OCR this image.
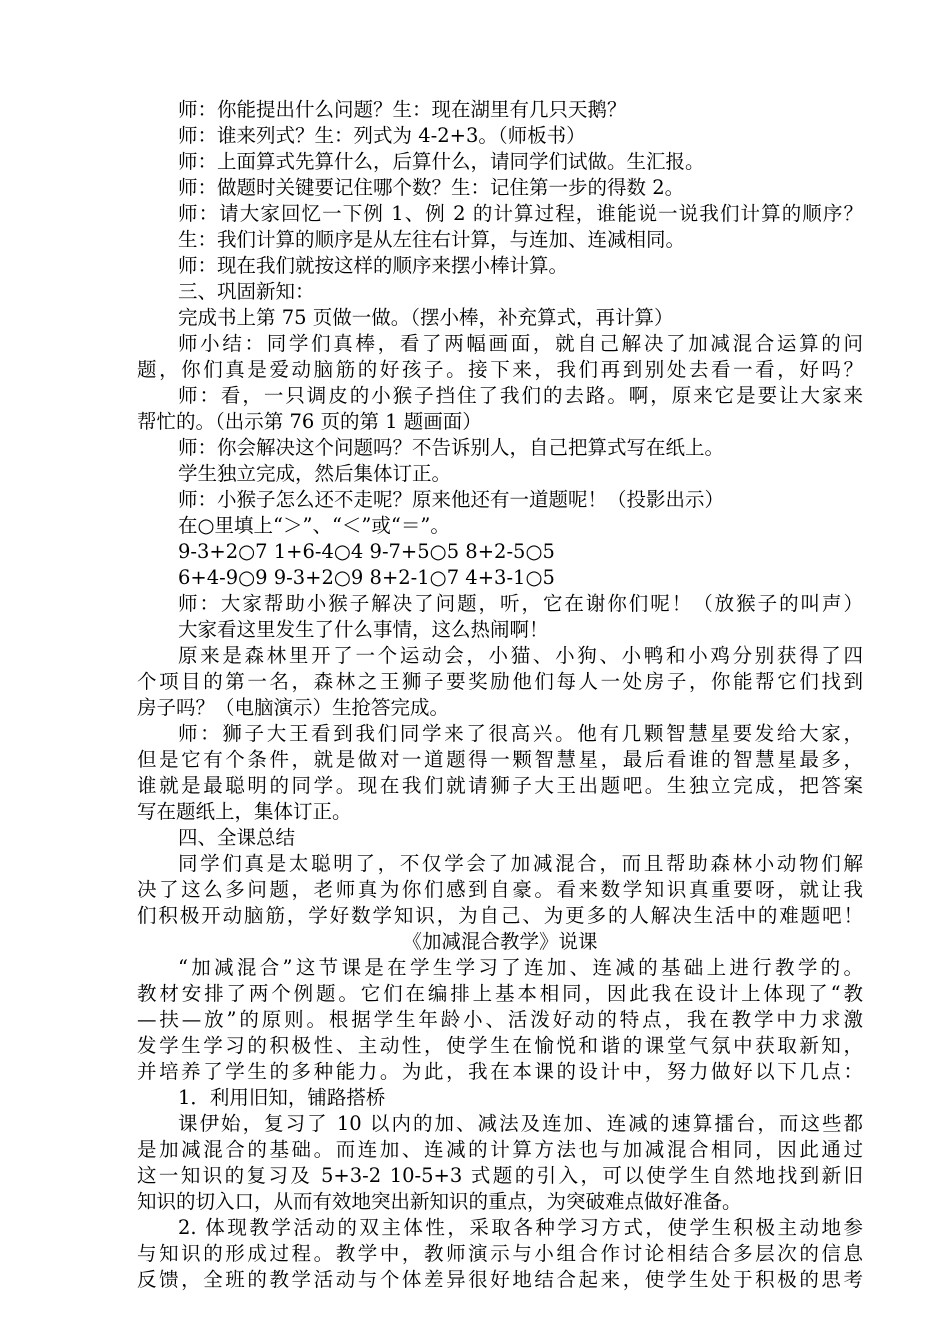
师：你能提出什么问题？生：现在湖里有几只天鹅？
师：谁来列式？生：列式为 4-2+3。（师板书）
师：上面算式先算什么，后算什么，请同学们试做。生汇报。
师：做题时关键要记住哪个数？生：记住第一步的得数 2。
师：请大家回忆一下例 1、例 2 的计算过程，谁能说一说我们计算的顺序？
生：我们计算的顺序是从左往右计算，与连加、连减相同。
师：现在我们就按这样的顺序来摆小棒计算。
三、巩固新知：
完成书上第 75 页做一做。（摆小棒，补充算式，再计算）
师小结：同学们真棒，看了两幅画面，就自己解决了加减混合运算的问
题，你们真是爱动脑筋的好孩子。接下来，我们再到别处去看一看，好吗？
师：看，一只调皮的小猴子挡住了我们的去路。啊，原来它是要让大家来
帮忙的。（出示第 76 页的第 1 题画面）
师：你会解决这个问题吗？不告诉别人，自己把算式写在纸上。
学生独立完成，然后集体订正。
师：小猴子怎么还不走呢？原来他还有一道题呢！（投影出示）
在○里填上“＞”、“＜”或“＝”。
9-3+2○7 1+6-4○4 9-7+5○5 8+2-5○5
6+4-9○9 9-3+2○9 8+2-1○7 4+3-1○5
师：大家帮助小猴子解决了问题，听，它在谢你们呢！（放猴子的叫声）
大家看这里发生了什么事情，这么热闹啊！
原来是森林里开了一个运动会，小猫、小狗、小鸭和小鸡分别获得了四
个项目的第一名，森林之王狮子要奖励他们每人一处房子，你能帮它们找到
房子吗？（电脑演示）生抢答完成。
师：狮子大王看到我们同学来了很高兴。他有几颗智慧星要发给大家，
但是它有个条件，就是做对一道题得一颗智慧星，最后看谁的智慧星最多，
谁就是最聪明的同学。现在我们就请狮子大王出题吧。生独立完成，把答案
写在题纸上，集体订正。
四、全课总结
同学们真是太聪明了，不仅学会了加减混合，而且帮助森林小动物们解
决了这么多问题，老师真为你们感到自豪。看来数学知识真重要呀，就让我
们积极开动脑筋，学好数学知识，为自己、为更多的人解决生活中的难题吧！
《加减混合教学》说课
“加减混合”这节课是在学生学习了连加、连减的基础上进行教学的。
教材安排了两个例题。它们在编排上基本相同，因此我在设计上体现了“教
—扶—放”的原则。根据学生年龄小、活泼好动的特点，我在教学中力求激
发学生学习的积极性、主动性，使学生在愉悦和谐的课堂气氛中获取新知，
并培养了学生的多种能力。为此，我在本课的设计中，努力做好以下几点：
1．利用旧知，铺路搭桥
课伊始，复习了 10 以内的加、减法及连加、连减的速算擂台，而这些都
是加减混合的基础。而连加、连减的计算方法也与加减混合相同，因此通过
这一知识的复习及 5+3-2 10-5+3 式题的引入，可以使学生自然地找到新旧
知识的切入口，从而有效地突出新知识的重点，为突破难点做好准备。
2. 体现教学活动的双主体性，采取各种学习方式，使学生积极主动地参
与知识的形成过程。教学中，教师演示与小组合作讨论相结合多层次的信息
反馈，全班的教学活动与个体差异很好地结合起来，使学生处于积极的思考
